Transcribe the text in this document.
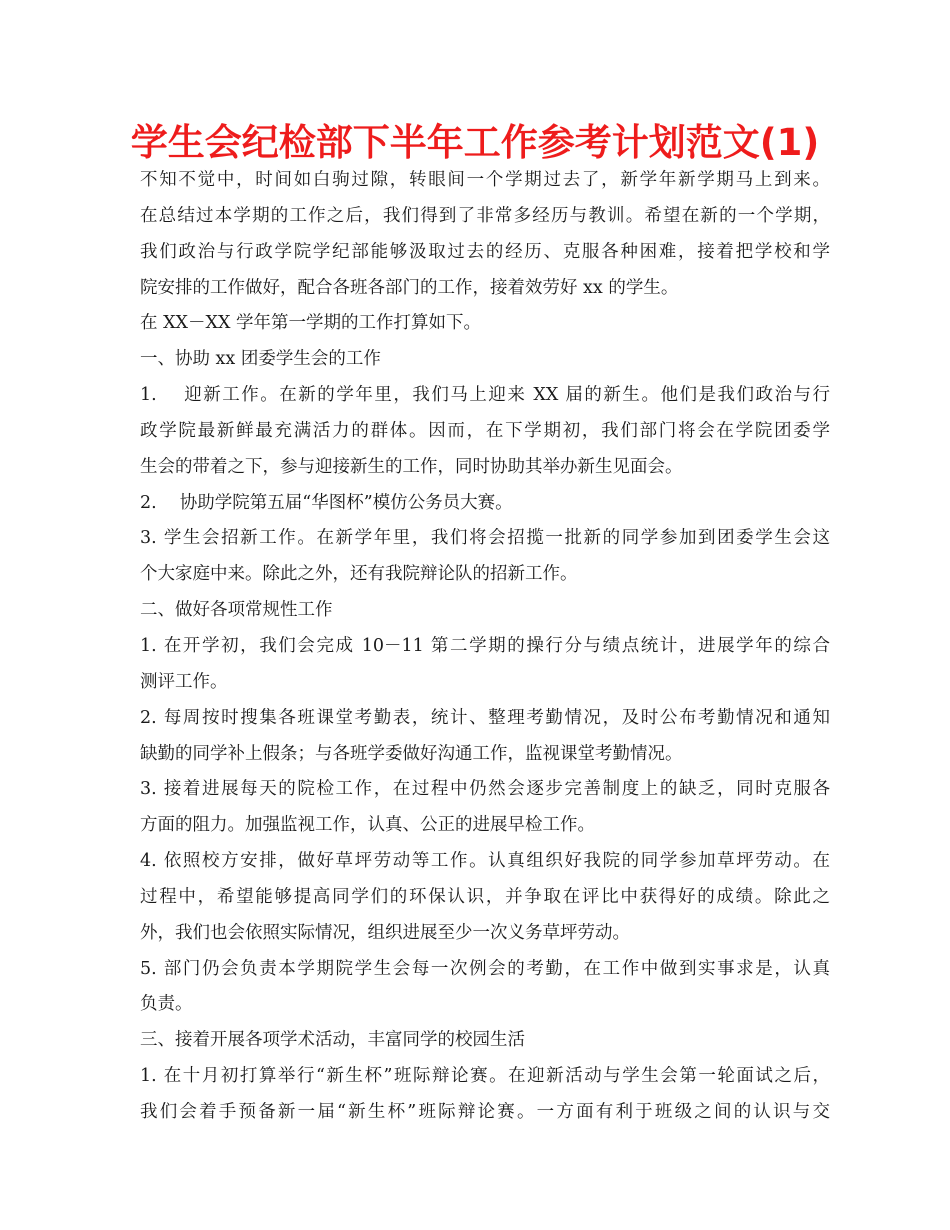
学生会纪检部下半年工作参考计划范文(1)
不知不觉中，时间如白驹过隙，转眼间一个学期过去了，新学年新学期马上到来。
在总结过本学期的工作之后，我们得到了非常多经历与教训。希望在新的一个学期，
我们政治与行政学院学纪部能够汲取过去的经历、克服各种困难，接着把学校和学
院安排的工作做好，配合各班各部门的工作，接着效劳好 xx 的学生。
在 XX－XX 学年第一学期的工作打算如下。
一、协助 xx 团委学生会的工作
1.　 迎新工作。在新的学年里，我们马上迎来 XX 届的新生。他们是我们政治与行
政学院最新鲜最充满活力的群体。因而，在下学期初，我们部门将会在学院团委学
生会的带着之下，参与迎接新生的工作，同时协助其举办新生见面会。
2.　 协助学院第五届“华图杯”模仿公务员大赛。
3. 学生会招新工作。在新学年里，我们将会招揽一批新的同学参加到团委学生会这
个大家庭中来。除此之外，还有我院辩论队的招新工作。
二、做好各项常规性工作
1. 在开学初，我们会完成 10－11 第二学期的操行分与绩点统计，进展学年的综合
测评工作。
2. 每周按时搜集各班课堂考勤表，统计、整理考勤情况，及时公布考勤情况和通知
缺勤的同学补上假条；与各班学委做好沟通工作，监视课堂考勤情况。
3. 接着进展每天的院检工作，在过程中仍然会逐步完善制度上的缺乏，同时克服各
方面的阻力。加强监视工作，认真、公正的进展早检工作。
4. 依照校方安排，做好草坪劳动等工作。认真组织好我院的同学参加草坪劳动。在
过程中，希望能够提高同学们的环保认识，并争取在评比中获得好的成绩。除此之
外，我们也会依照实际情况，组织进展至少一次义务草坪劳动。
5. 部门仍会负责本学期院学生会每一次例会的考勤，在工作中做到实事求是，认真
负责。
三、接着开展各项学术活动，丰富同学的校园生活
1. 在十月初打算举行“新生杯”班际辩论赛。在迎新活动与学生会第一轮面试之后，
我们会着手预备新一届“新生杯”班际辩论赛。一方面有利于班级之间的认识与交
